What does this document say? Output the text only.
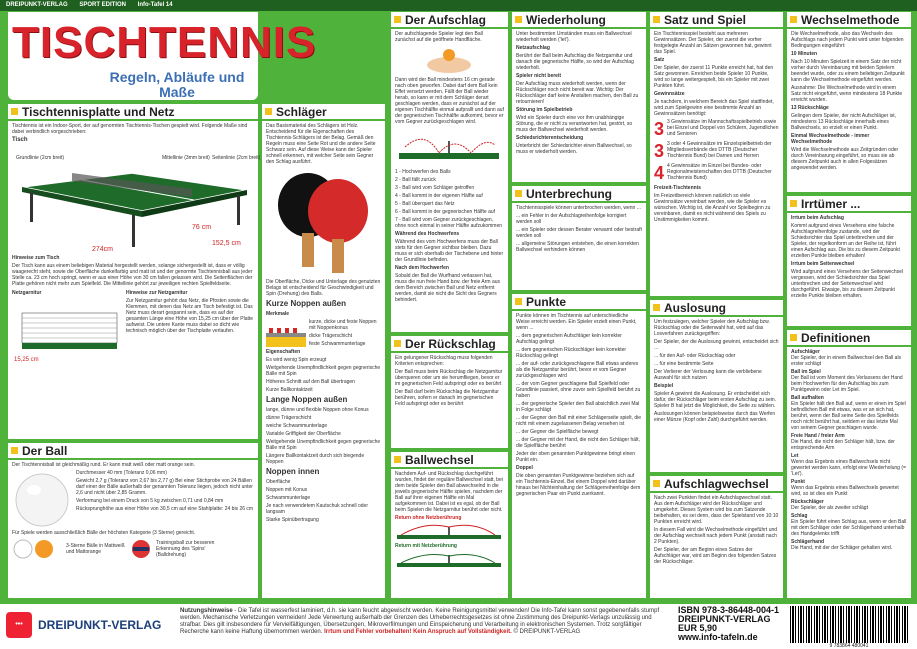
DREIPUNKT-VERLAG SPORT EDITION Info-Tafel 14
TISCHTENNIS
Regeln, Abläufe und Maße
Tischtennisplatte und Netz

Tischtennis ist ein Indoor-Sport, der auf genormten Tischtennis-Tischen gespielt wird. Folgende Maße sind dabei verbindlich vorgeschrieben:

Tisch

Grundlinie (2cm breit)	Mittellinie (3mm breit) Seitenlinie (2cm breit)
76 cm
152,5 cm
274cm

Hinweise zum Tisch

Der Tisch kann aus einem beliebigen Material hergestellt werden, solange sichergestellt ist, dass er völlig waagerecht steht, sowie die Oberfläche dunkelfarbig und matt ist und der genormte Tischtennisball aus jeder Stelle ca. 23 cm hoch springt, wenn er aus einer Höhe von 30 cm fallen gelassen wird. Die Seitenflächen der Platte gehören nicht mehr zum Spielfeld. Die Mittellinie gehört zur jeweiligen rechten Spielfeldseite.

Netzgarnitur

15,25 cm

Hinweise zur Netzgarnitur

Zur Netzgarnitur gehört das Netz, die Pfosten sowie die Klemmen, mit denen das Netz am Tisch befestigt ist. Das Netz muss derart gespannt sein, dass es auf der gesamten Länge eine Höhe von 15,25 cm über der Platte aufweist. Die untere Kante muss dabei so dicht wie technisch möglich über der Tischplatte verlaufen.

Der Ball

Der Tischtennisball ist gleichmäßig rund. Er kann matt weiß oder matt orange sein.

Durchmesser 40 mm (Toleranz 0,06 mm)

Gewicht 2,7 g (Toleranz von 2,67 bis 2,77 g) Bei einer Stichprobe von 24 Bällen darf einer der Bälle außerhalb der genannten Toleranz liegen, jedoch nicht unter 2,6 und nicht über 2,85 Gramm.

Verformung bei einem Druck von 5 kg zwischen 0,71 und 0,84 mm

Rücksprunghöhe aus einer Höhe von 30,5 cm auf eine Stahlplatte: 24 bis 26 cm

Für Spiele werden ausschließlich Bälle der höchsten Kategorie (3 Sterne) gereicht.

3-Sterne Bälle in Mattweiß und Mattorange
Trainingsball zur besseren Erkennung des 'Spins' (Balldrehung)
Schläger

Das Basismaterial des Schlägers ist Holz. Entscheidend für die Eigenschaften des Tischtennis-Schlägers ist der Belag. Gemäß den Regeln muss eine Seite Rot und die andere Seite Schwarz sein. Auf diese Weise kann der Spieler schnell erkennen, mit welcher Seite sein Gegner den Schlag ausführt.

Die Oberfläche, Dicke und Unterlage des genutzten Belags ist entscheidend für Geschwindigkeit und Spin (Drehung) des Balls.

Kurze Noppen außen

Merkmale

kurze, dicke und feste Noppen mit Noppenkonus

dicke Trägerschicht

feste Schwammunterlage

Eigenschaften

Es wird wenig Spin erzeugt

Weitgehende Unempfindlichkeit gegen gegnerische Bälle mit Spin

Höheres Schnitt auf den Ball übertragen

Kurze Ballkontaktzeit

Lange Noppen außen

lange, dünne und flexible Noppen ohne Konus

dünne Trägerschicht

weiche Schwammunterlage

Variable Griffigkeit der Oberfläche

Weitgehende Unempfindlichkeit gegen gegnerische Bälle mit Spin

Längere Ballkontaktzeit durch sich biegende Noppen

Noppen innen

Oberfläche

Noppen mit Konus

Schwammunterlage

Je nach verwendetem Kautschuk schnell oder langsam

Starke Spinübertragung

Der Aufschlag

Der aufschlagende Spieler legt den Ball zunächst auf die geöffnete Handfläche.

Dann wird der Ball mindestens 16 cm gerade nach oben geworfen. Dabei darf dem Ball kein Effet versetzt werden. Fällt der Ball wieder herab, so kann er mit dem Schläger derart geschlagen werden, dass er zunächst auf der eigenen Tischhälfte einmal aufprallt und dann auf der gegnerischen Tischhälfte aufkommt, bevor er vom Gegner zurückgeschlagen wird.

1 - Hochwerfen des Balls

2 - Ball fällt zurück

3 - Ball wird vom Schläger getroffen

4 - Ball kommt in der eigenen Hälfte auf

5 - Ball überquert das Netz

6 - Ball kommt in der gegnerischen Hälfte auf

7 - Ball wird vom Gegner zurückgeschlagen, ohne noch einmal in seiner Hälfte aufzukommen

Während des Hochwerfens

Während des vom Hochwerfens muss der Ball stets für den Gegner sichtbar bleiben. Dazu muss er sich oberhalb der Tischebene und hinter der Grundlinie befinden.

Nach dem Hochwerfen

Sobald der Ball die Wurfhand verlassen hat, muss die nun freie Hand bzw. der freie Arm aus dem Bereich zwischen Ball und Netz entfernt werden, damit sie nicht die Sicht des Gegners behindert.

Der Rückschlag

Ein gelungener Rückschlag muss folgenden Kriterien entsprechen:

Der Ball muss beim Rückschlag die Netzgarnitur überqueren oder um sie herumfliegen, bevor er im gegnerischen Feld aufspringt oder es berührt

Der Ball darf beim Rückschlag die Netzgarnitur berühren, sofern er danach im gegnerischen Feld aufspringt oder es berührt

Ballwechsel

Nachdem Auf- und Rückschlag durchgeführt wurden, findet der reguläre Ballwechsel statt, bei dem beide Spieler den Ball abwechselnd in die jeweils gegnerische Hälfte spielen, nachdem der Ball auf ihrer eigenen Hälfte ein Mal aufgekommen ist. Dabei ist es egal, ob der Ball beim Spielen die Netzgarnitur berührt oder nicht.

Return ohne Netzberührung

Return mit Netzberührung

Wiederholung

Unter bestimmten Umständen muss ein Ballwechsel wiederholt werden ('let').

Netzaufschlag

Berührt der Ball beim Aufschlag die Netzgarnitur und danach die gegnerische Hälfte, so wird der Aufschlag wiederholt.

Spieler nicht bereit

Der Aufschlag muss wiederholt werden, wenn der Rückschläger noch nicht bereit war. Wichtig: Der Rückschläger darf keine Anstalten machen, den Ball zu retournieren!

Störung im Spielbetrieb

Wird ein Spieler durch eine vor ihm unabhängige Störung, die er nicht zu verantworten hat, gestört, so muss der Ballwechsel wiederholt werden.

Schiedsrichterentscheidung

Unterbricht der Schiedsrichter einen Ballwechsel, so muss er wiederholt werden.

Unterbrechung

Tischtennisspiele können unterbrochen werden, wenn ...

... ein Fehler in der Aufschlagreihenfolge korrigiert werden soll

... ein Spieler oder dessen Berater verwarnt oder bestraft werden soll

... allgemeine Störungen entstehen, die einen korrekten Ballwechsel verhindern können

Punkte

Punkte können im Tischtennis auf unterschiedliche Weise erreicht werden. Ein Spieler erzielt einen Punkt, wenn ...

... dem gegnerischen Aufschläger kein korrekter Aufschlag gelingt

... dem gegnerischen Rückschläger kein korrekter Rückschlag gelingt

... der auf- oder zurückgeschlagene Ball etwas anderes als die Netzgarnitur berührt, bevor er vom Gegner zurückgeschlagen wird

... der vom Gegner geschlagene Ball Spielfeld oder Grundlinie passiert, ohne zuvor sein Spielfeld berührt zu haben

... der gegnerische Spieler den Ball absichtlich zwei Mal in Folge schlägt

... der Gegner den Ball mit einer Schlägerseite spielt, die nicht mit einem zugelassenen Belag versehen ist

... der Gegner die Spielfläche bewegt

... der Gegner mit der Hand, die nicht den Schläger hält, die Spielfläche berührt

Jeder der oben genannten Punktgewinne bringt einen Punkt ein.

Doppel

Die oben genannten Punktgewinne beziehen sich auf ein Tischtennis-Einzel. Bei einem Doppel wird darüber hinaus bei Nichteinhaltung der Schlägerreihenfolge dem gegnerischen Paar ein Punkt zuerkannt.

Satz und Spiel

Ein Tischtennisspiel besteht aus mehreren Gewinnsätzen. Der Spieler, der zuerst die vorher festgelegte Anzahl an Sätzen gewonnen hat, gewinnt das Spiel.

Satz

Der Spieler, der zuerst 11 Punkte erreicht hat, hat den Satz gewonnen. Erreichen beide Spieler 10 Punkte, wird so lange weitergespielt, bis ein Spieler mit zwei Punkten führt.

Gewinnsätze

Je nachdem, in welchem Bereich das Spiel stattfindet, wird zum Spielgewinn eine bestimmte Anzahl an Gewinnsätzen benötigt:

3 3 Gewinnsätze im Mannschaftsspielbetrieb sowie bei Einzel und Doppel von Schülern, Jugendlichen und Senioren
3 3 oder 4 Gewinnsätze im Einzelspielbetrieb der Mitgliedsverbände des DTTB (Deutscher Tischtennis Bund) bei Damen und Herren
4 4 Gewinnsätze im Einzel bei Bundes- oder Regionalmeisterschaften des DTTB (Deutscher Tischtennis Bund)

Freizeit-Tischtennis

Im Freizeitbereich können natürlich so viele Gewinnsätze vereinbart werden, wie die Spieler es wünschen. Wichtig ist, die Anzahl vor Spielbeginn zu vereinbaren, damit es nicht während des Spiels zu Unstimmigkeiten kommt.

Auslosung

Um festzulegen, welcher Spieler den Aufschlag bzw. Rückschlag oder die Seitenwahl hat, wird auf das Losverfahren zurückgegriffen:

Der Spieler, der die Auslosung gewinnt, entscheidet sich ...

... für den Auf- oder Rückschlag oder

... für eine bestimmte Seite

Der Verlierer der Verlosung kann die verbliebene Auswahl für sich nutzen

Beispiel

Spieler A gewinnt die Auslosung. Er entscheidet sich dafür, der Rückschläger beim ersten Aufschlag zu sein. Spieler B hat jetzt die Möglichkeit, die Seite zu wählen.

Auslosungen können beispielsweise durch das Werfen einer Münze (Kopf oder Zahl) durchgeführt werden.

Aufschlagwechsel

Nach zwei Punkten findet ein Aufschlagwechsel statt. Aus dem Aufschläger wird der Rückschläger und umgekehrt. Dieses System wird bis zum Satzende beibehalten, es sei denn, dass der Spielstand von 10:10 Punkten erreicht wird.

In diesem Fall wird die Wechselmethode eingeführt und der Aufschlag wechselt nach jedem Punkt (anstatt nach 2 Punkten).

Der Spieler, der am Beginn eines Satzes der Aufschläger war, wird am Beginn des folgenden Satzes der Rückschläger.

Wechselmethode

Die Wechselmethode, also das Wechseln des Aufschlags nach jedem Punkt wird unter folgenden Bedingungen eingeführt:

10 Minuten

Nach 10 Minuten Spielzeit in einem Satz der nicht vorher durch Vereinbarung mit beiden Spielern beendet wurde, oder zu einem beliebigen Zeitpunkt kann die Wechselmethode eingeführt werden.

Ausnahme: Die Wechselmethode wird in einem Satz nicht eingeführt, wenn mindestens 18 Punkte erreicht wurden.

13 Rückschläge

Gelingen dem Spieler, der nicht Aufschläger ist, mindestens 13 Rückschläge innerhalb eines Ballwechsels, so erzielt er einen Punkt.

Einmal Wechselmethode - immer Wechselmethode

Wird die Wechselmethode aus Zeitgründen oder durch Vereinbarung eingeführt, so muss sie ab diesem Zeitpunkt auch in allen Folgesätzen angewendet werden.

Irrtümer ...

Irrtum beim Aufschlag

Kommt aufgrund eines Versehens eine falsche Aufschlagreihenfolge zustande, wird der Schiedsrichter das Spiel unterbrechen und der Spieler, der regelkonform an der Reihe ist, führt einen Aufschlag aus. Die bis zu diesem Zeitpunkt erzielten Punkte bleiben erhalten!

Irrtum beim Seitenwechsel

Wird aufgrund eines Versehens der Seitenwechsel vergessen, wird der Schiedsrichter das Spiel unterbrechen und der Seitenwechsel wird durchgeführt. Etwaige, bis zu diesem Zeitpunkt erzielte Punkte bleiben erhalten.

Definitionen

Aufschläger

Der Spieler, der in einem Ballwechsel den Ball als erster schlägt

Ball im Spiel

Der Ball ist vom Moment des Verlassens der Hand beim Hochwerfen für den Aufschlag bis zum Punktgewinn oder Let im Spiel.

Ball aufhalten

Ein Spieler hält den Ball auf, wenn er einen im Spiel befindlichen Ball mit etwas, was er an sich hat, berührt, wenn der Ball seine Seite des Spielfelds noch nicht berührt hat, seitdem er das letzte Mal von seinem Gegner geschlagen wurde.

Freie Hand / freier Arm

Die Hand, die nicht den Schläger hält, bzw. der entsprechende Arm

Let

Wenn das Ergebnis eines Ballwechsels nicht gewertet werden kann, erfolgt eine Wiederholung (= 'Let').

Punkt

Wenn das Ergebnis eines Ballwechsels gewertet wird, so ist dies ein Punkt

Rückschläger

Der Spieler, der als zweiter schlägt

Schlag

Ein Spieler führt einen Schlag aus, wenn er den Ball mit dem Schläger oder der Schlägerhand unterhalb des Handgelenks trifft

Schlägerhand

Die Hand, mit der der Schläger gehalten wird.

•••	DREIPUNKT-VERLAG
Nutzungshinweise - Die Tafel ist wasserfest laminiert, d.h. sie kann feucht abgewischt werden. Keine Reinigungsmittel verwenden! Die Info-Tafel kann sonst gegebenenfalls stumpf werden. Mechanische Verletzungen vermeiden! Jede Verwertung außerhalb der Grenzen des Urheberrechtsgesetzes ist ohne Zustimmung des Dreipunkt-Verlags unzulässig und strafbar. Dies gilt insbesondere für Vervielfältigungen, Übersetzungen, Mikroverfilmungen und Einspeicherung und Verarbeitung in elektronischen Systemen. Trotz sorgfältiger Recherche kann keine Haftung übernommen werden. Irrtum und Fehler vorbehalten! Kein Anspruch auf Vollständigkeit. © DREIPUNKT-VERLAG
ISBN 978-3-86448-004-1
DREIPUNKT-VERLAG
EUR 5,90
www.info-tafeln.de
9 783864 480041
